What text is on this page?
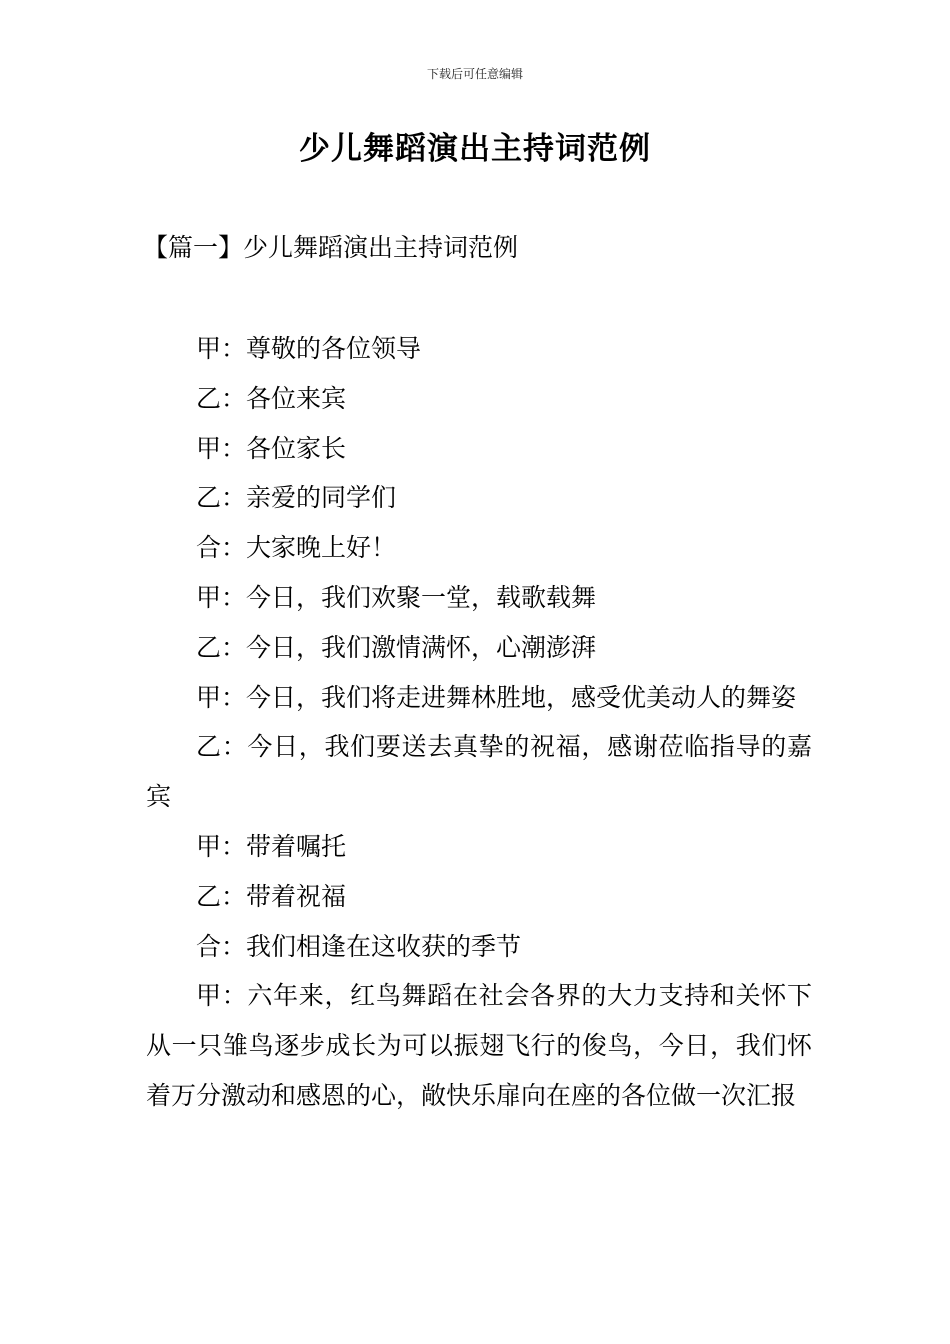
下载后可任意编辑
少儿舞蹈演出主持词范例
【篇一】少儿舞蹈演出主持词范例

甲：尊敬的各位领导

乙：各位来宾

甲：各位家长

乙：亲爱的同学们

合：大家晚上好！

甲：今日，我们欢聚一堂，载歌载舞

乙：今日，我们激情满怀，心潮澎湃

甲：今日，我们将走进舞林胜地，感受优美动人的舞姿

乙：今日，我们要送去真挚的祝福，感谢莅临指导的嘉宾

甲：带着嘱托

乙：带着祝福

合：我们相逢在这收获的季节

甲：六年来，红鸟舞蹈在社会各界的大力支持和关怀下从一只雏鸟逐步成长为可以振翅飞行的俊鸟，今日，我们怀着万分激动和感恩的心，敞快乐扉向在座的各位做一次汇报
